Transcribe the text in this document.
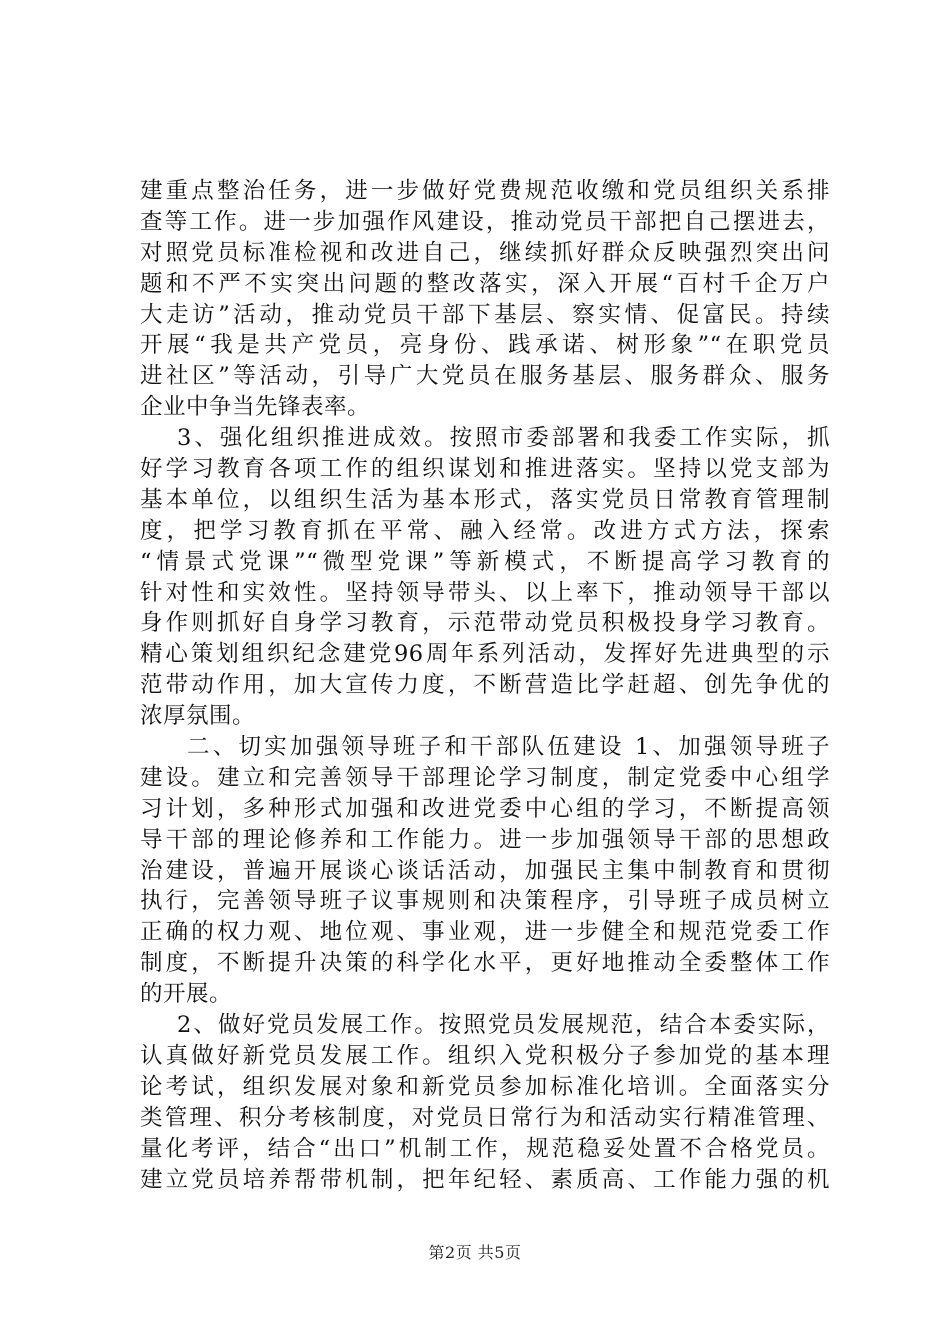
建重点整治任务，进一步做好党费规范收缴和党员组织关系排
查等工作。进一步加强作风建设，推动党员干部把自己摆进去，
对照党员标准检视和改进自己，继续抓好群众反映强烈突出问
题和不严不实突出问题的整改落实，深入开展“百村千企万户
大走访”活动，推动党员干部下基层、察实情、促富民。持续
开展“我是共产党员，亮身份、践承诺、树形象”“在职党员
进社区”等活动，引导广大党员在服务基层、服务群众、服务
企业中争当先锋表率。
3、强化组织推进成效。按照市委部署和我委工作实际，抓
好学习教育各项工作的组织谋划和推进落实。坚持以党支部为
基本单位，以组织生活为基本形式，落实党员日常教育管理制
度，把学习教育抓在平常、融入经常。改进方式方法，探索
“情景式党课”“微型党课”等新模式，不断提高学习教育的
针对性和实效性。坚持领导带头、以上率下，推动领导干部以
身作则抓好自身学习教育，示范带动党员积极投身学习教育。
精心策划组织纪念建党96周年系列活动，发挥好先进典型的示
范带动作用，加大宣传力度，不断营造比学赶超、创先争优的
浓厚氛围。
二、切实加强领导班子和干部队伍建设 1、加强领导班子
建设。建立和完善领导干部理论学习制度，制定党委中心组学
习计划，多种形式加强和改进党委中心组的学习，不断提高领
导干部的理论修养和工作能力。进一步加强领导干部的思想政
治建设，普遍开展谈心谈话活动，加强民主集中制教育和贯彻
执行，完善领导班子议事规则和决策程序，引导班子成员树立
正确的权力观、地位观、事业观，进一步健全和规范党委工作
制度，不断提升决策的科学化水平，更好地推动全委整体工作
的开展。
2、做好党员发展工作。按照党员发展规范，结合本委实际，
认真做好新党员发展工作。组织入党积极分子参加党的基本理
论考试，组织发展对象和新党员参加标准化培训。全面落实分
类管理、积分考核制度，对党员日常行为和活动实行精准管理、
量化考评，结合“出口”机制工作，规范稳妥处置不合格党员。
建立党员培养帮带机制，把年纪轻、素质高、工作能力强的机
第2页 共5页
